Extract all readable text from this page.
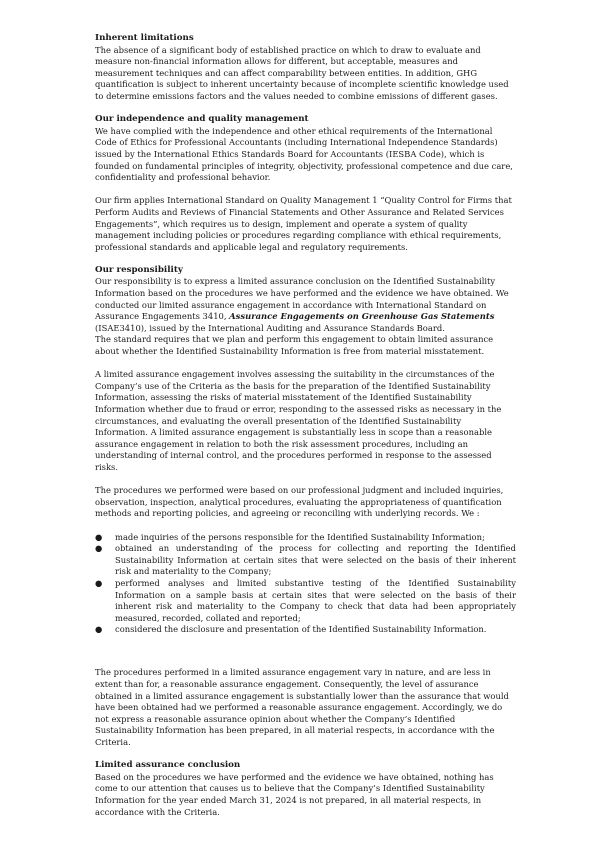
Inherent limitations

The absence of a significant body of established practice on which to draw to evaluate and measure non-financial information allows for different, but acceptable, measures and measurement techniques and can affect comparability between entities. In addition, GHG quantification is subject to inherent uncertainty because of incomplete scientific knowledge used to determine emissions factors and the values needed to combine emissions of different gases.

Our independence and quality management

We have complied with the independence and other ethical requirements of the International Code of Ethics for Professional Accountants (including International Independence Standards) issued by the International Ethics Standards Board for Accountants (IESBA Code), which is founded on fundamental principles of integrity, objectivity, professional competence and due care, confidentiality and professional behavior.

Our firm applies International Standard on Quality Management 1 “Quality Control for Firms that Perform Audits and Reviews of Financial Statements and Other Assurance and Related Services Engagements”, which requires us to design, implement and operate a system of quality management including policies or procedures regarding compliance with ethical requirements, professional standards and applicable legal and regulatory requirements.

Our responsibility

Our responsibility is to express a limited assurance conclusion on the Identified Sustainability Information based on the procedures we have performed and the evidence we have obtained. We conducted our limited assurance engagement in accordance with International Standard on Assurance Engagements 3410, Assurance Engagements on Greenhouse Gas Statements (ISAE3410), issued by the International Auditing and Assurance Standards Board.

The standard requires that we plan and perform this engagement to obtain limited assurance about whether the Identified Sustainability Information is free from material misstatement.

A limited assurance engagement involves assessing the suitability in the circumstances of the Company’s use of the Criteria as the basis for the preparation of the Identified Sustainability Information, assessing the risks of material misstatement of the Identified Sustainability Information whether due to fraud or error, responding to the assessed risks as necessary in the circumstances, and evaluating the overall presentation of the Identified Sustainability Information. A limited assurance engagement is substantially less in scope than a reasonable assurance engagement in relation to both the risk assessment procedures, including an understanding of internal control, and the procedures performed in response to the assessed risks.

The procedures we performed were based on our professional judgment and included inquiries, observation, inspection, analytical procedures, evaluating the appropriateness of quantification methods and reporting policies, and agreeing or reconciling with underlying records. We :

● made inquiries of the persons responsible for the Identified Sustainability Information;
● obtained an understanding of the process for collecting and reporting the Identified Sustainability Information at certain sites that were selected on the basis of their inherent risk and materiality to the Company;
● performed analyses and limited substantive testing of the Identified Sustainability Information on a sample basis at certain sites that were selected on the basis of their inherent risk and materiality to the Company to check that data had been appropriately measured, recorded, collated and reported;
● considered the disclosure and presentation of the Identified Sustainability Information.

The procedures performed in a limited assurance engagement vary in nature, and are less in extent than for, a reasonable assurance engagement. Consequently, the level of assurance obtained in a limited assurance engagement is substantially lower than the assurance that would have been obtained had we performed a reasonable assurance engagement. Accordingly, we do not express a reasonable assurance opinion about whether the Company’s Identified Sustainability Information has been prepared, in all material respects, in accordance with the Criteria.

Limited assurance conclusion

Based on the procedures we have performed and the evidence we have obtained, nothing has come to our attention that causes us to believe that the Company’s Identified Sustainability Information for the year ended March 31, 2024 is not prepared, in all material respects, in accordance with the Criteria.
